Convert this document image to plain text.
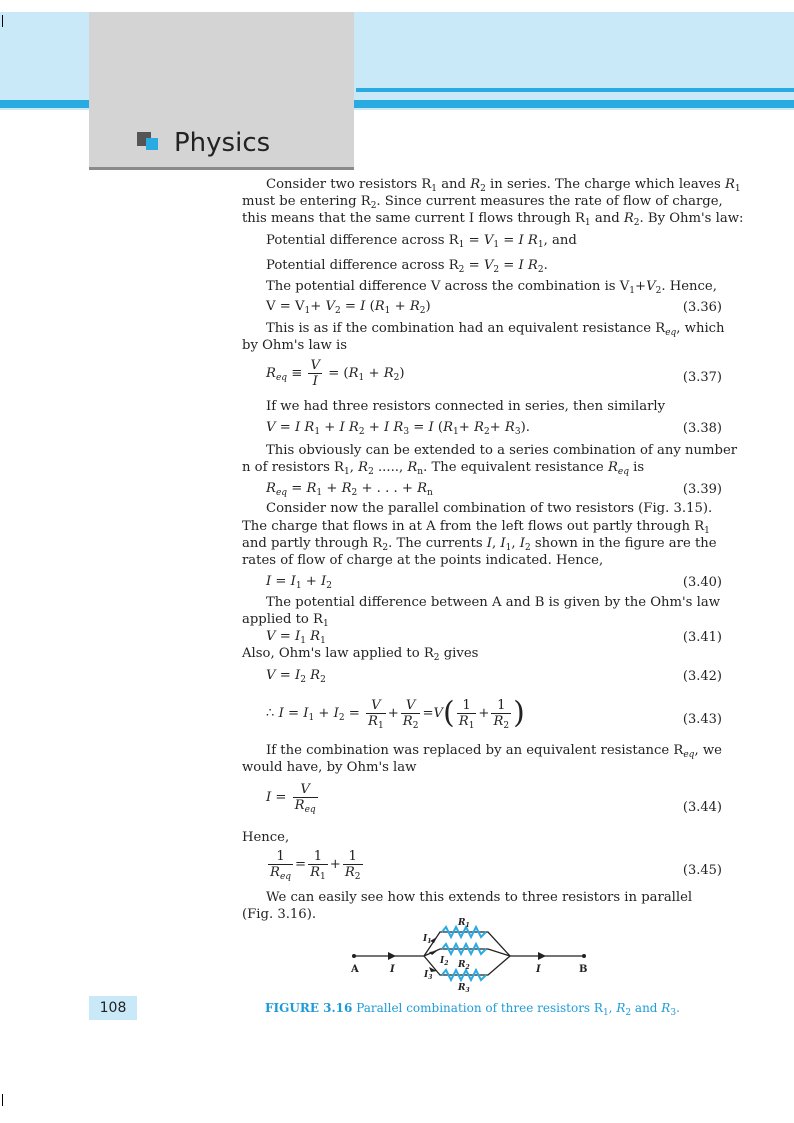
Physics
Consider two resistors $R_1$ and $R_2$ in series. The charge which leaves $R_1$
must be entering $R_2$. Since current measures the rate of flow of charge,
this means that the same current I flows through $R_1$ and $R_2$. By Ohm's law:
Potential difference across $R_1 = V_1 = I$ $R_1$, and
Potential difference across $R_2 = V_2 = I$ $R_2$.
The potential difference V across the combination is $V_1+V_2$. Hence,
$V = V_1+ V_2 = I$ $(R_1 + R_2)$	(3.36)
This is as if the combination had an equivalent resistance $R_{eq}$, which
by Ohm's law is
$R_{eq} \equiv \frac{V}{I} = (R_1 + R_2)$	(3.37)
If we had three resistors connected in series, then similarly
V = I $R_1 + I$ $R_2 + I$ $R_3 = I$ $(R_1+ R_2+ R_3)$.	(3.38)
This obviously can be extended to a series combination of any number
n of resistors $R_1$, $R_2$ ....., $R_n$. The equivalent resistance $R_{eq}$ is
$R_{eq} = R_1 + R_2$ + . . . + $R_n$	(3.39)
Consider now the parallel combination of two resistors (Fig. 3.15).
The charge that flows in at A from the left flows out partly through $R_1$
and partly through $R_2$. The currents I, $I_1$, $I_2$ shown in the figure are the
rates of flow of charge at the points indicated. Hence,
$I = I_1 + I_2$	(3.40)
The potential difference between A and B is given by the Ohm's law
applied to $R_1$
$V = I_1$ $R_1$	(3.41)
Also, Ohm's law applied to $R_2$ gives
$V = I_2$ $R_2$	(3.42)
∴ $I = I_1 + I_2 = \frac{V}{R_1} + \frac{V}{R_2} =V( \frac{1}{R_1} + \frac{1}{R_2}$ )	(3.43)
If the combination was replaced by an equivalent resistance $R_{eq}$, we
would have, by Ohm's law
$I = \frac{V}{R_{eq}}$	(3.44)
Hence,
$\frac{1}{R_{eq}} = \frac{1}{R_1} + \frac{1}{R_2}$	(3.45)
We can easily see how this extends to three resistors in parallel
(Fig. 3.16).
A	B
I	I
$I_1$
$I_2$
$I_3$
$R_1$
$R_2$
$R_3$
FIGURE 3.16 Parallel combination of three resistors $R_1$, $R_2$ and $R_3$.
108
